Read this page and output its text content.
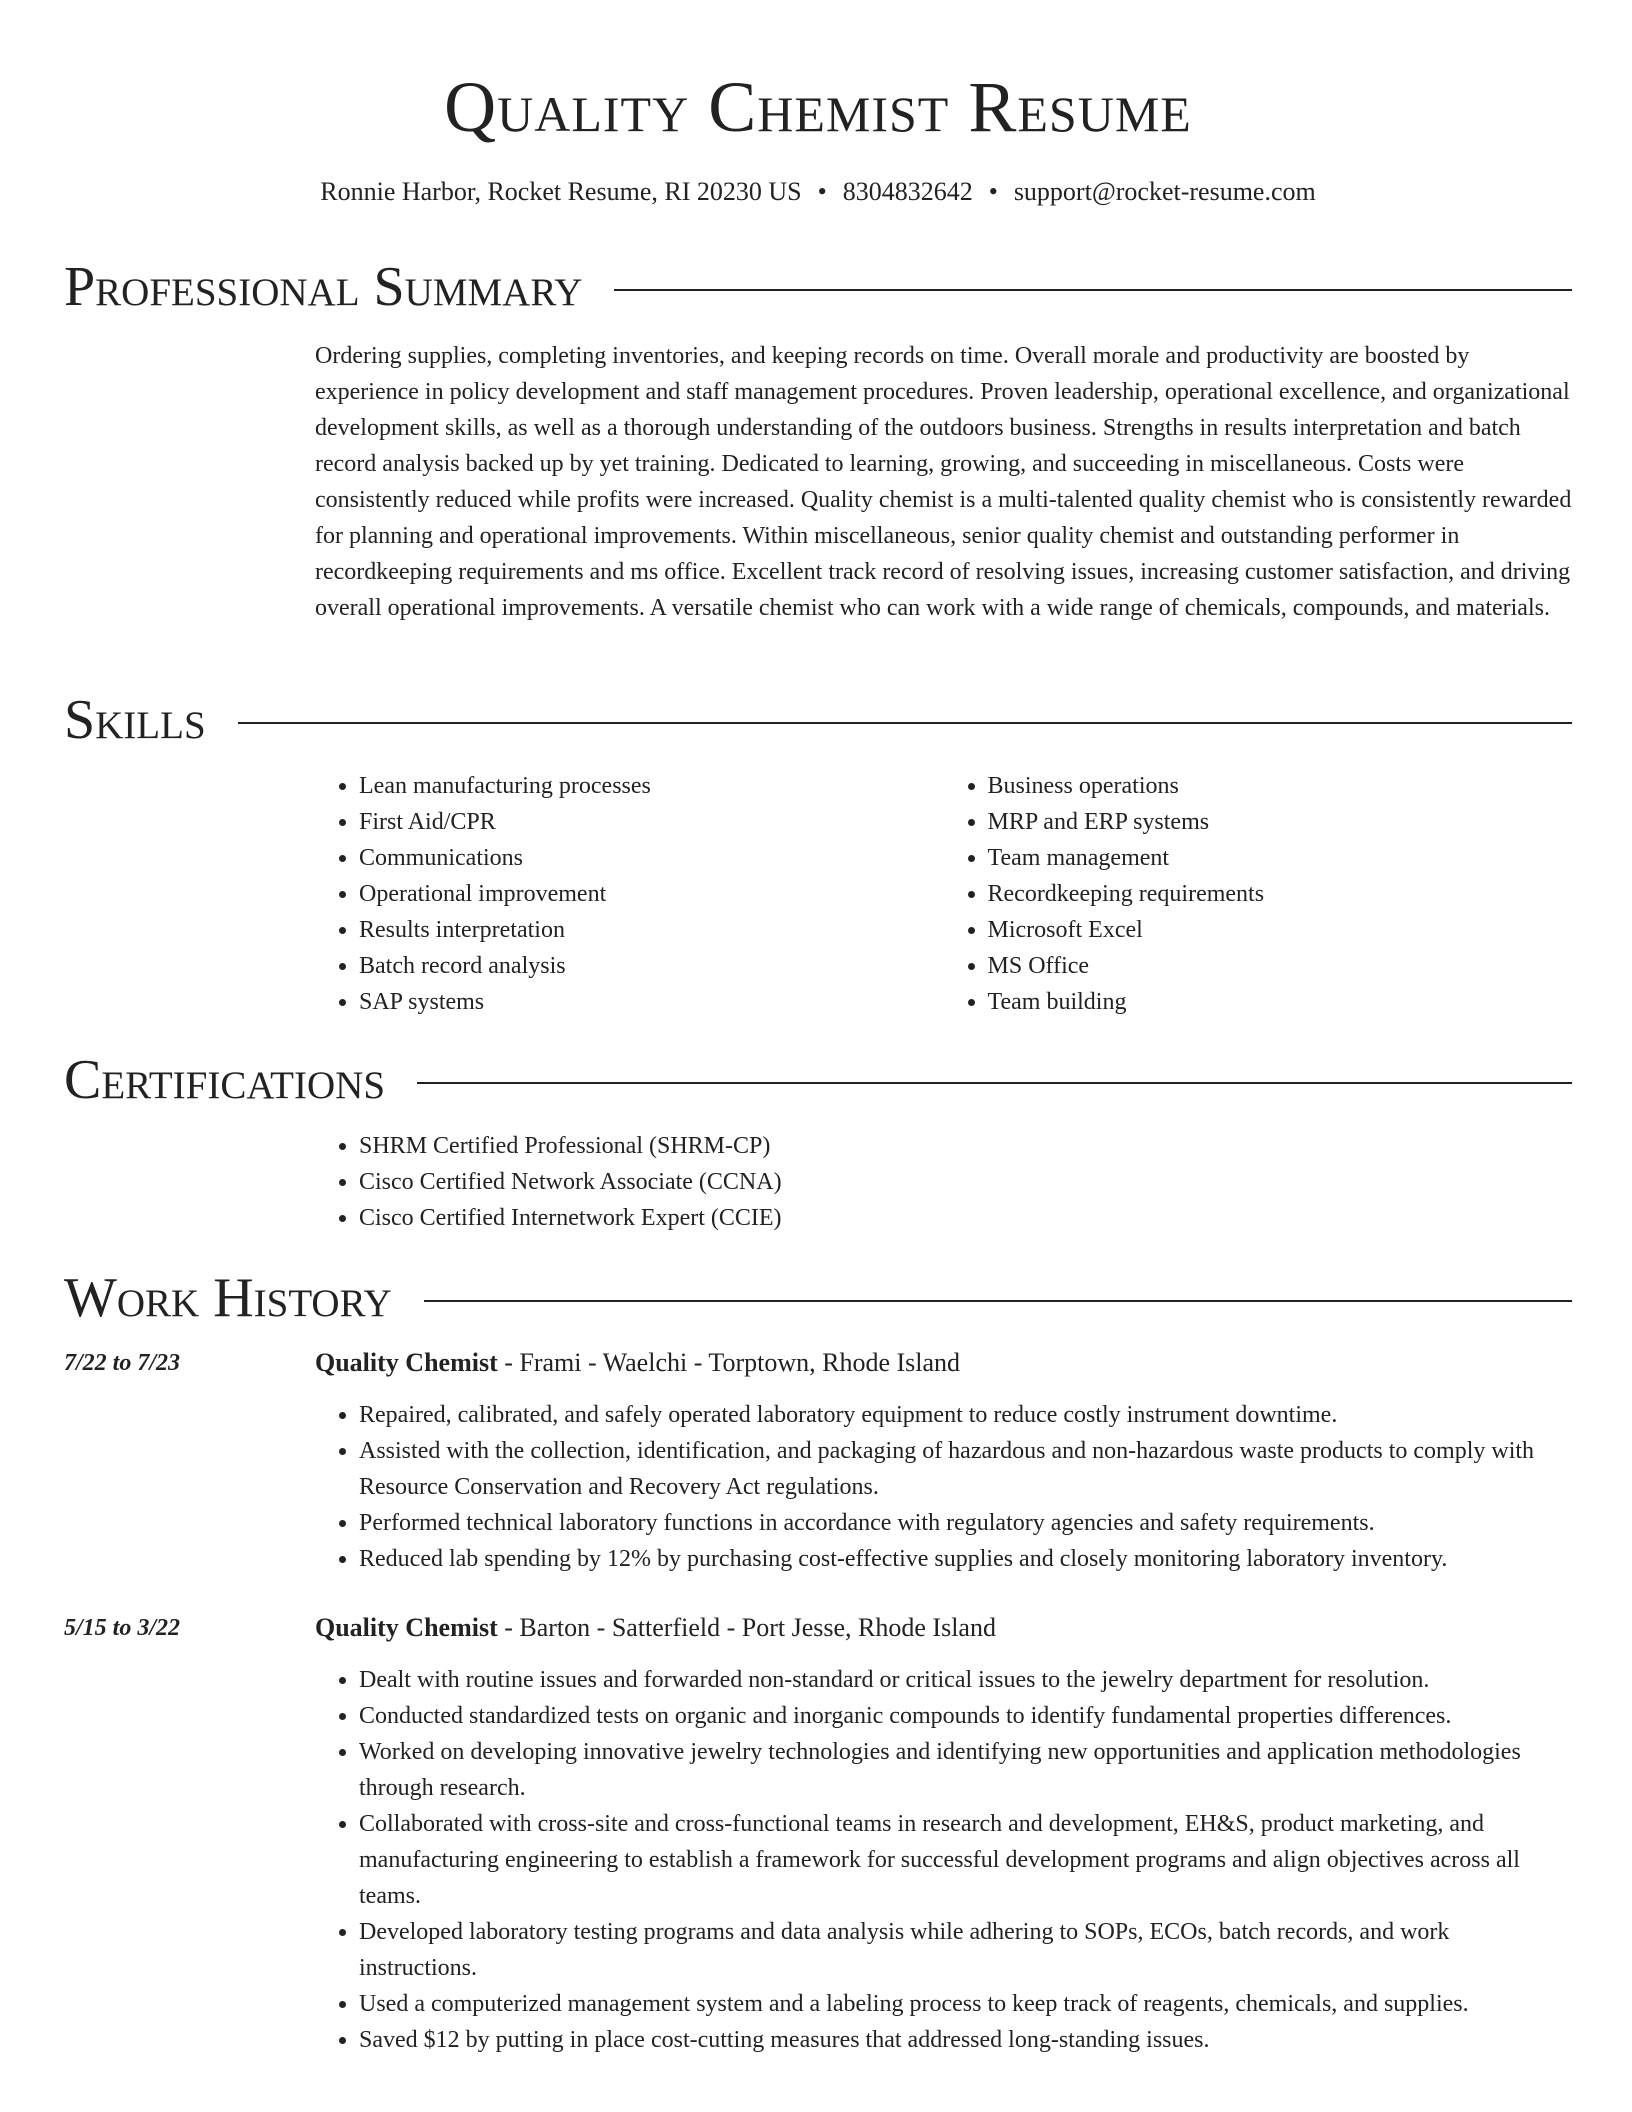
Quality Chemist Resume
Ronnie Harbor, Rocket Resume, RI 20230 US • 8304832642 • support@rocket-resume.com
Professional Summary

Ordering supplies, completing inventories, and keeping records on time. Overall morale and productivity are boosted by experience in policy development and staff management procedures. Proven leadership, operational excellence, and organizational development skills, as well as a thorough understanding of the outdoors business. Strengths in results interpretation and batch record analysis backed up by yet training. Dedicated to learning, growing, and succeeding in miscellaneous. Costs were consistently reduced while profits were increased. Quality chemist is a multi-talented quality chemist who is consistently rewarded for planning and operational improvements. Within miscellaneous, senior quality chemist and outstanding performer in recordkeeping requirements and ms office. Excellent track record of resolving issues, increasing customer satisfaction, and driving overall operational improvements. A versatile chemist who can work with a wide range of chemicals, compounds, and materials.

Skills
• Lean manufacturing processes
• First Aid/CPR
• Communications
• Operational improvement
• Results interpretation
• Batch record analysis
• SAP systems
• Business operations
• MRP and ERP systems
• Team management
• Recordkeeping requirements
• Microsoft Excel
• MS Office
• Team building
Certifications
• SHRM Certified Professional (SHRM-CP)
• Cisco Certified Network Associate (CCNA)
• Cisco Certified Internetwork Expert (CCIE)
Work History
7/22 to 7/23	Quality Chemist - Frami - Waelchi - Torptown, Rhode Island
• Repaired, calibrated, and safely operated laboratory equipment to reduce costly instrument downtime.
• Assisted with the collection, identification, and packaging of hazardous and non-hazardous waste products to comply with Resource Conservation and Recovery Act regulations.
• Performed technical laboratory functions in accordance with regulatory agencies and safety requirements.
• Reduced lab spending by 12% by purchasing cost-effective supplies and closely monitoring laboratory inventory.
5/15 to 3/22	Quality Chemist - Barton - Satterfield - Port Jesse, Rhode Island
• Dealt with routine issues and forwarded non-standard or critical issues to the jewelry department for resolution.
• Conducted standardized tests on organic and inorganic compounds to identify fundamental properties differences.
• Worked on developing innovative jewelry technologies and identifying new opportunities and application methodologies through research.
• Collaborated with cross-site and cross-functional teams in research and development, EH&S, product marketing, and manufacturing engineering to establish a framework for successful development programs and align objectives across all teams.
• Developed laboratory testing programs and data analysis while adhering to SOPs, ECOs, batch records, and work instructions.
• Used a computerized management system and a labeling process to keep track of reagents, chemicals, and supplies.
• Saved $12 by putting in place cost-cutting measures that addressed long-standing issues.
